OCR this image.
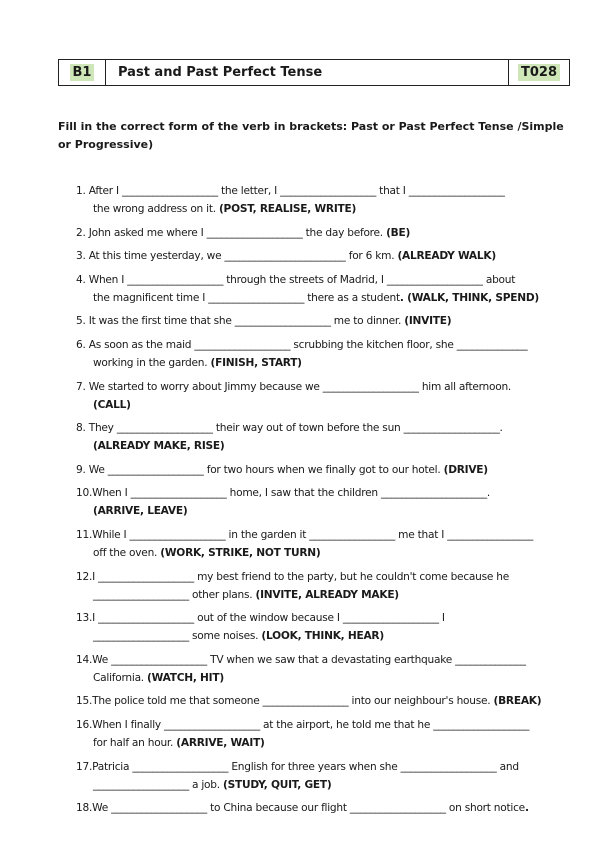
B1	Past and Past Perfect Tense	T028
Fill in the correct form of the verb in brackets: Past or Past Perfect Tense /Simple or Progressive)
1. After I ___________________ the letter, I ___________________ that I ___________________
the wrong address on it. (POST, REALISE, WRITE)
2. John asked me where I ___________________ the day before. (BE)
3. At this time yesterday, we ________________________ for 6 km. (ALREADY WALK)
4. When I ___________________ through the streets of Madrid, I ___________________ about
the magnificent time I ___________________ there as a student. (WALK, THINK, SPEND)
5. It was the first time that she ___________________ me to dinner. (INVITE)
6. As soon as the maid ___________________ scrubbing the kitchen floor, she ______________
working in the garden. (FINISH, START)
7. We started to worry about Jimmy because we ___________________ him all afternoon.
(CALL)
8. They ___________________ their way out of town before the sun ___________________.
(ALREADY MAKE, RISE)
9. We ___________________ for two hours when we finally got to our hotel. (DRIVE)
10.When I ___________________ home, I saw that the children _____________________.
(ARRIVE, LEAVE)
11.While I ___________________ in the garden it _________________ me that I _________________
off the oven. (WORK, STRIKE, NOT TURN)
12.I ___________________ my best friend to the party, but he couldn't come because he
___________________ other plans. (INVITE, ALREADY MAKE)
13.I ___________________ out of the window because I ___________________ I
___________________ some noises. (LOOK, THINK, HEAR)
14.We ___________________ TV when we saw that a devastating earthquake ______________
California. (WATCH, HIT)
15.The police told me that someone _________________ into our neighbour's house. (BREAK)
16.When I finally ___________________ at the airport, he told me that he ___________________
for half an hour. (ARRIVE, WAIT)
17.Patricia ___________________ English for three years when she ___________________ and
___________________ a job. (STUDY, QUIT, GET)
18.We ___________________ to China because our flight ___________________ on short notice.
